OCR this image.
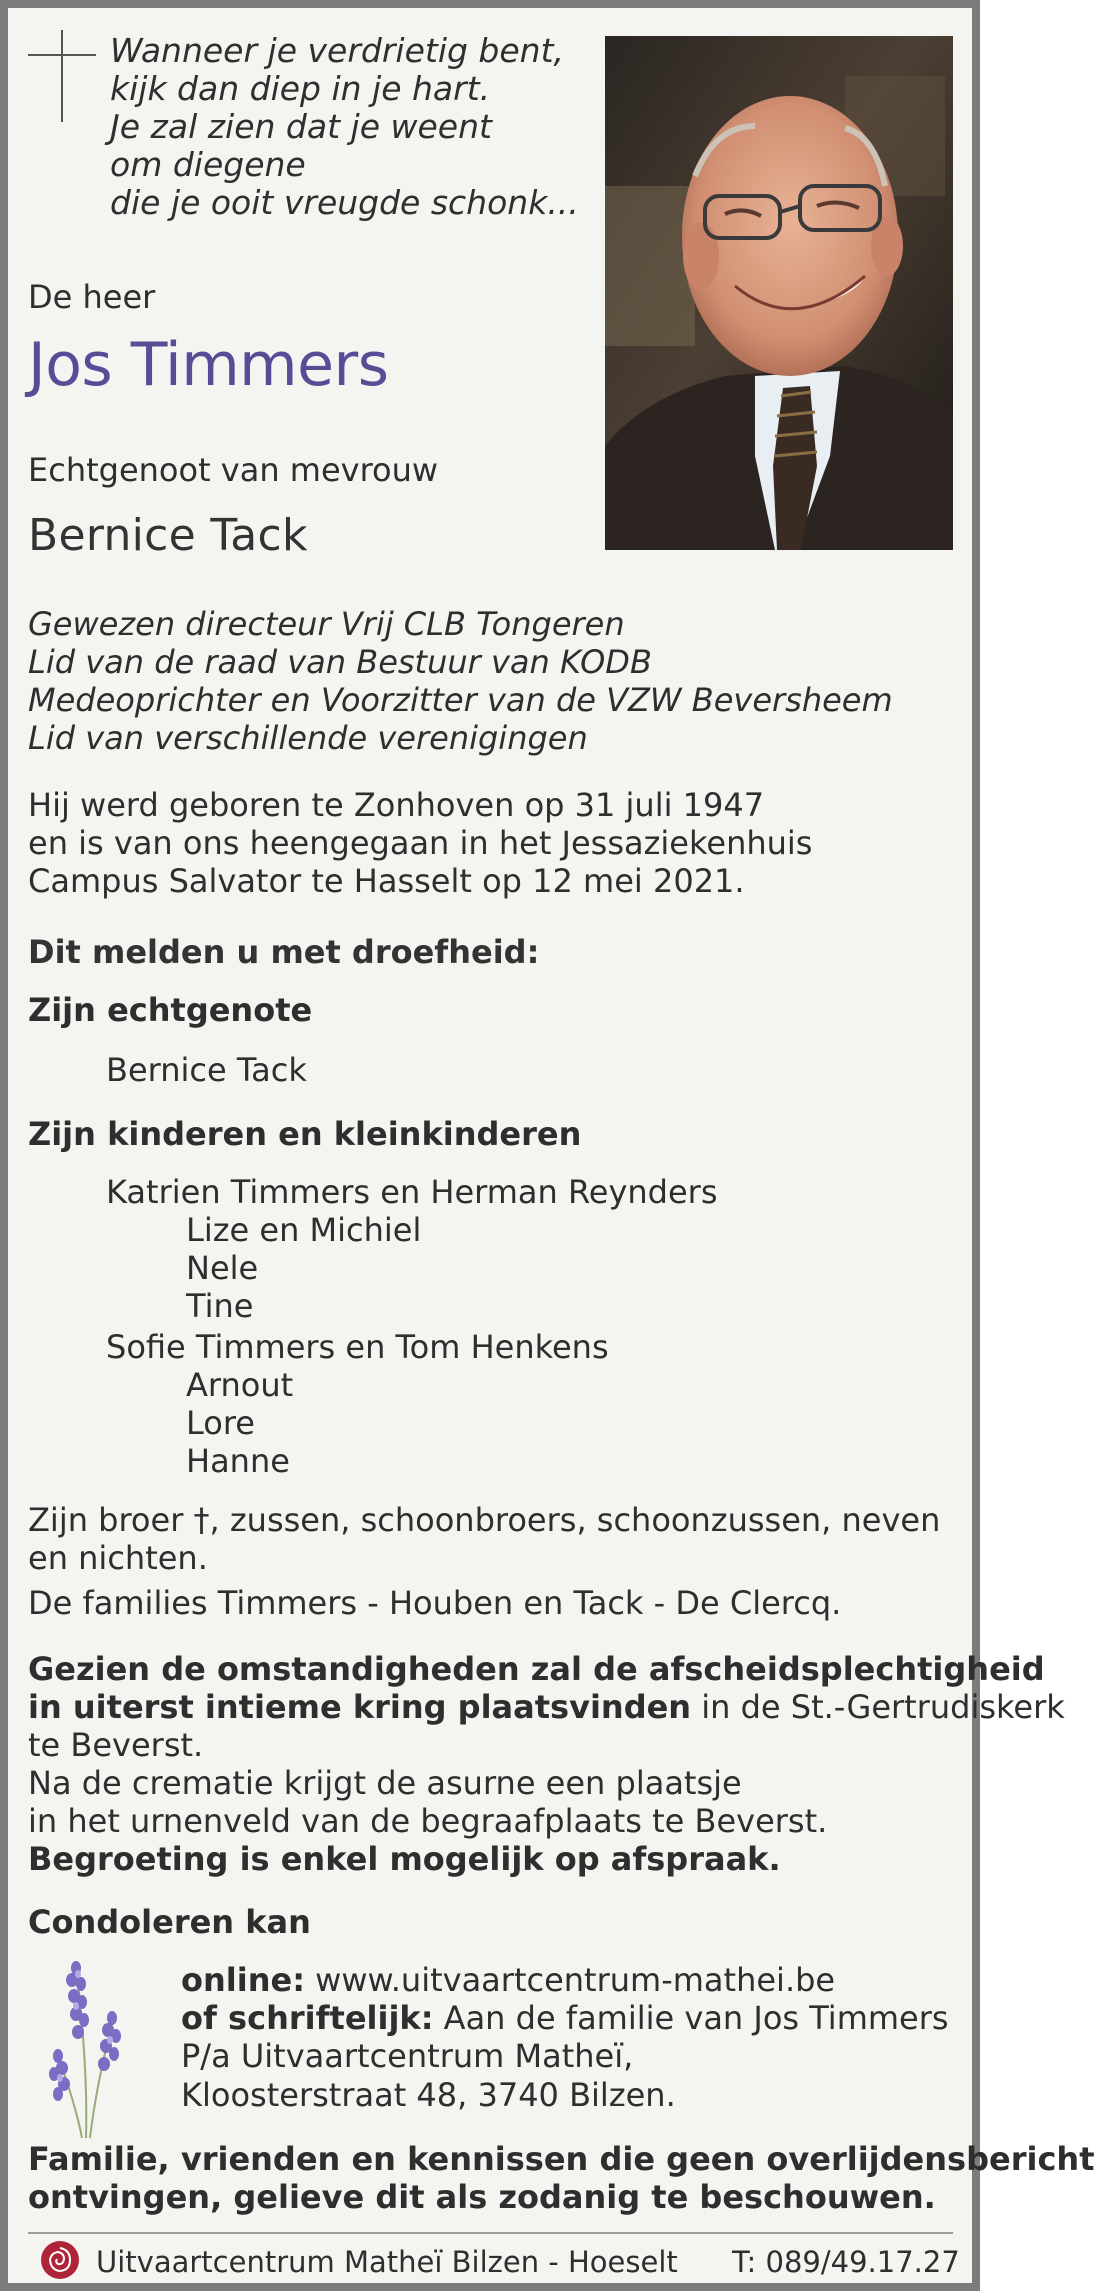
Wanneer je verdrietig bent,
kijk dan diep in je hart.
Je zal zien dat je weent
om diegene
die je ooit vreugde schonk...
De heer
Jos Timmers
Echtgenoot van mevrouw
Bernice Tack
Gewezen directeur Vrij CLB Tongeren
Lid van de raad van Bestuur van KODB
Medeoprichter en Voorzitter van de VZW Beversheem
Lid van verschillende verenigingen
Hij werd geboren te Zonhoven op 31 juli 1947
en is van ons heengegaan in het Jessaziekenhuis
Campus Salvator te Hasselt op 12 mei 2021.
Dit melden u met droefheid:
Zijn echtgenote
Bernice Tack
Zijn kinderen en kleinkinderen
Katrien Timmers en Herman Reynders
Lize en Michiel
Nele
Tine
Sofie Timmers en Tom Henkens
Arnout
Lore
Hanne
Zijn broer †, zussen, schoonbroers, schoonzussen, neven
en nichten.
De families Timmers - Houben en Tack - De Clercq.
Gezien de omstandigheden zal de afscheidsplechtigheid
in uiterst intieme kring plaatsvinden in de St.-Gertrudiskerk
te Beverst.
Na de crematie krijgt de asurne een plaatsje
in het urnenveld van de begraafplaats te Beverst.
Begroeting is enkel mogelijk op afspraak.
Condoleren kan
online: www.uitvaartcentrum-mathei.be
of schriftelijk: Aan de familie van Jos Timmers
P/a Uitvaartcentrum Matheï,
Kloosterstraat 48, 3740 Bilzen.
Familie, vrienden en kennissen die geen overlijdensbericht
ontvingen, gelieve dit als zodanig te beschouwen.
Uitvaartcentrum Matheï Bilzen - Hoeselt T: 089/49.17.27
